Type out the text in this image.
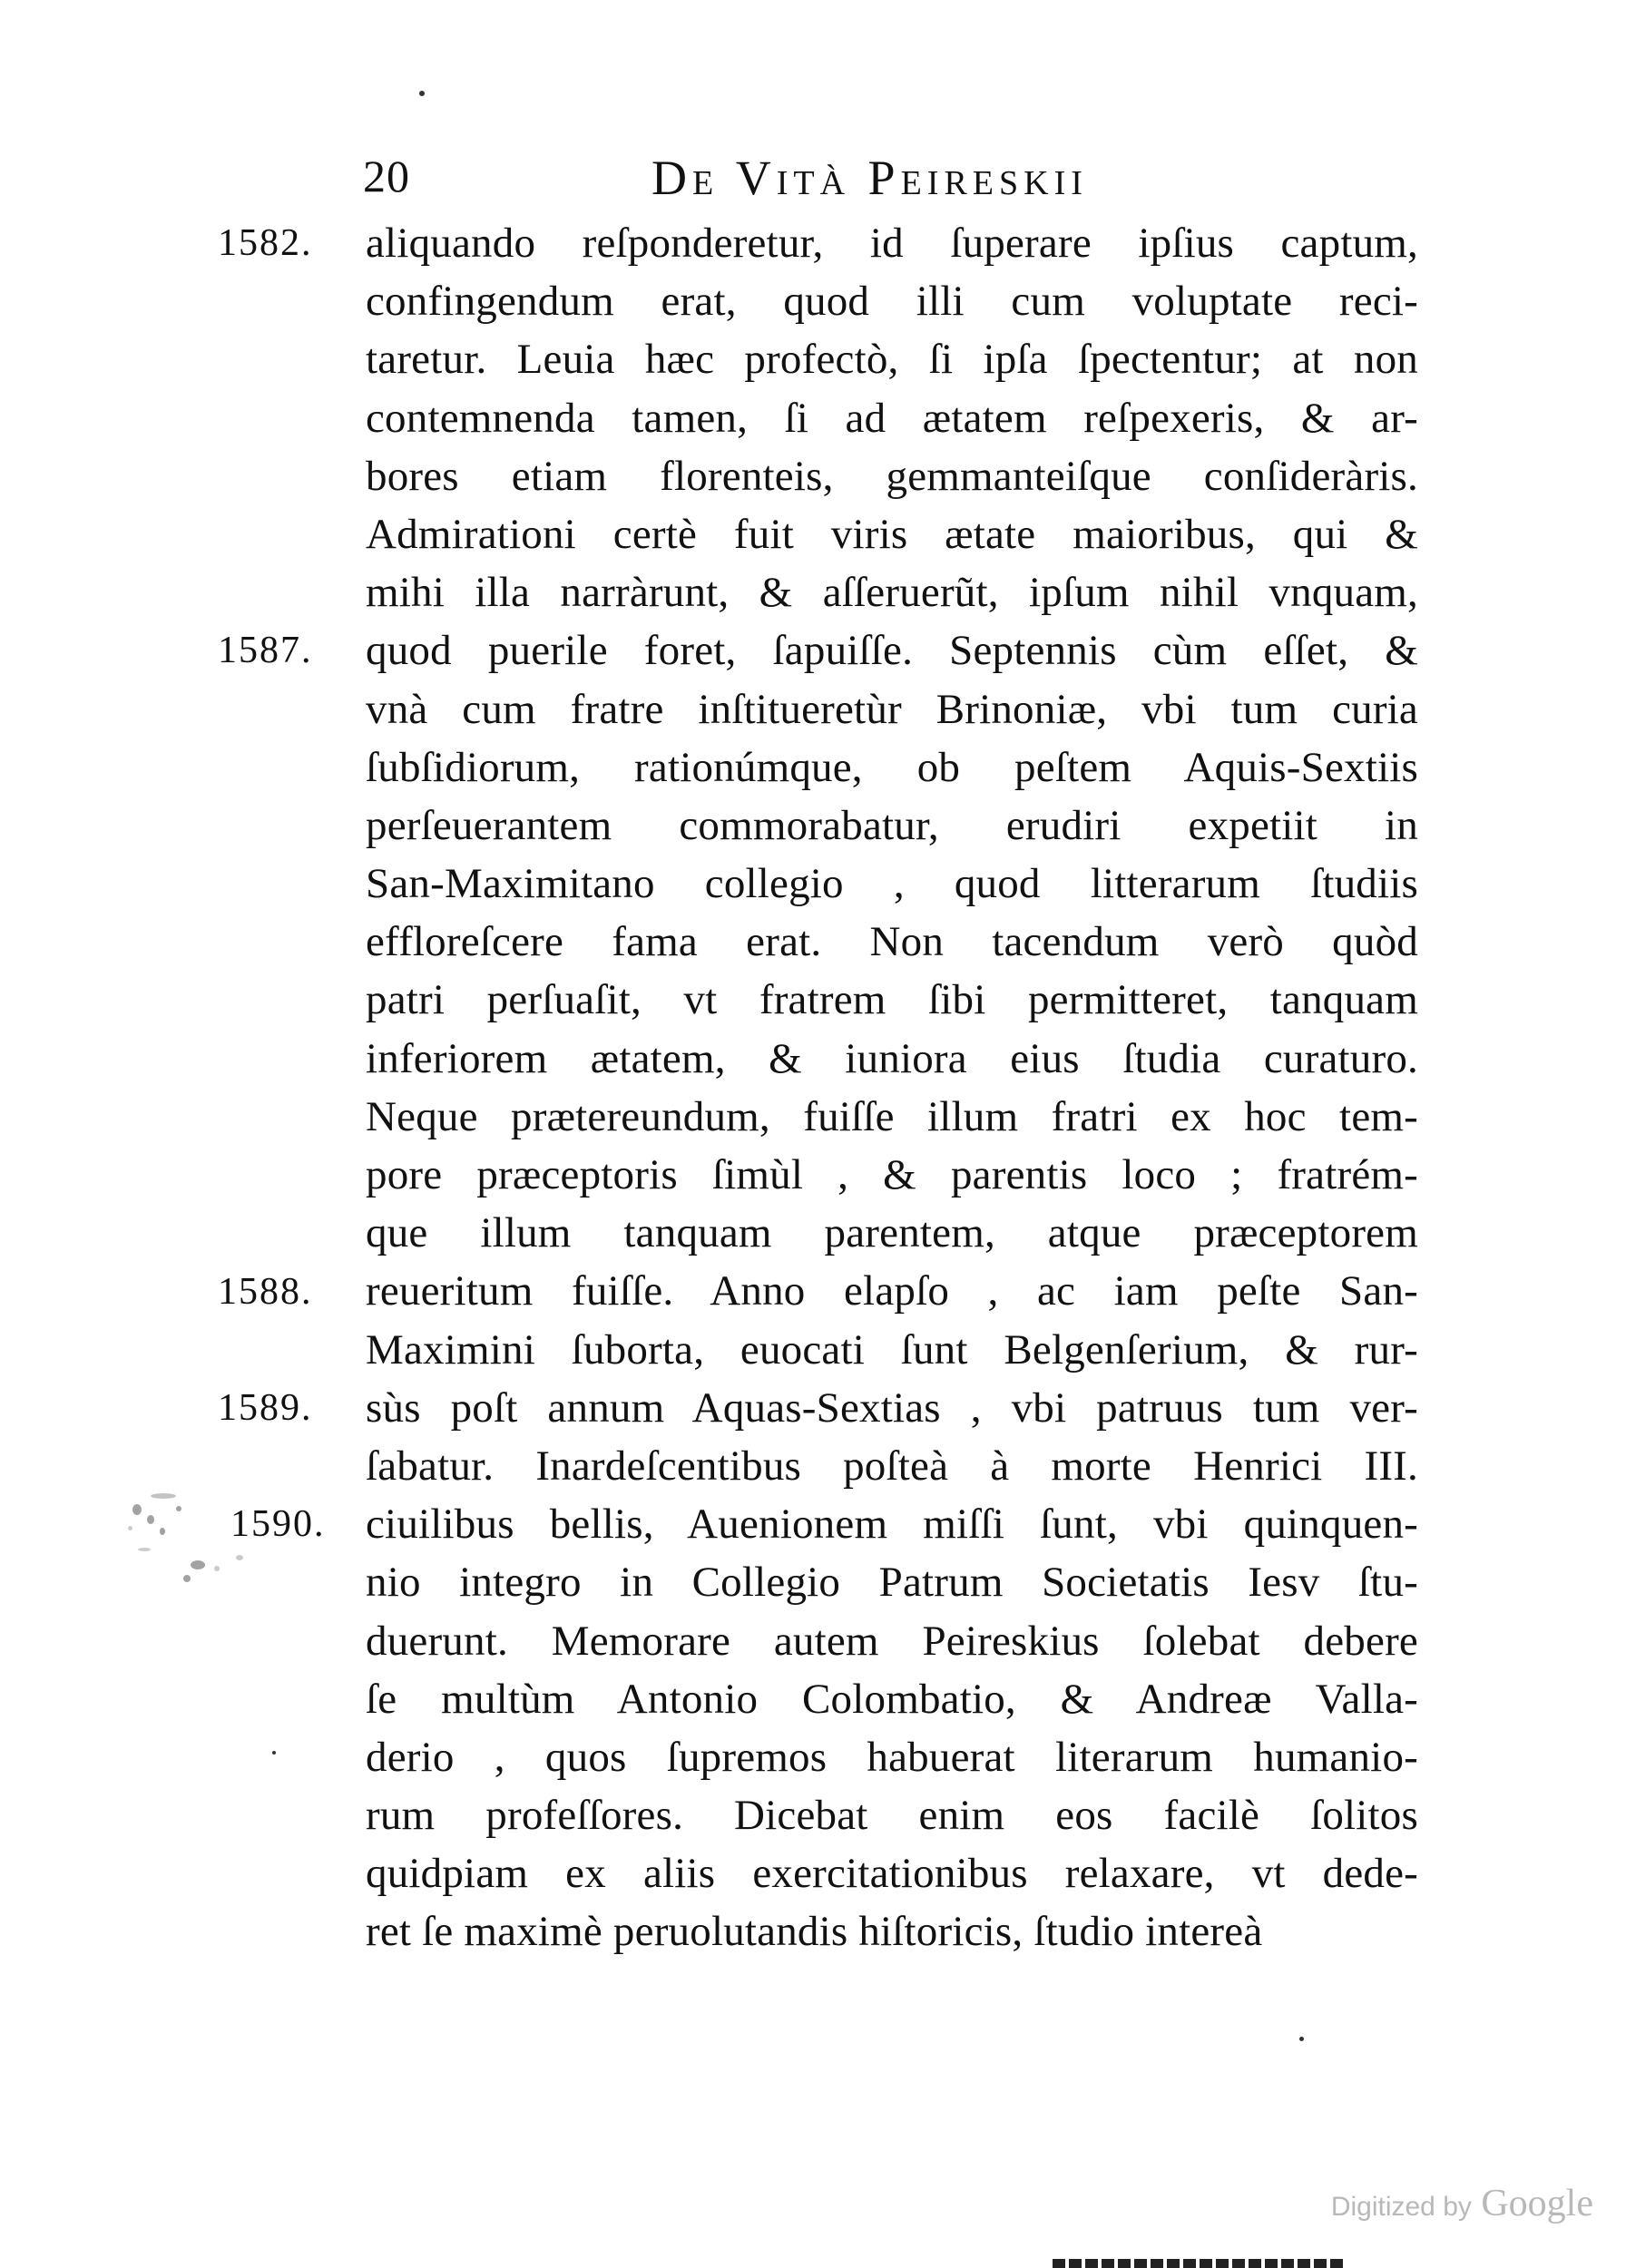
20	De Vità Peireskii
1582.
1587.
1588.
1589.
1590.
aliquando reſponderetur, id ſuperare ipſius captum,
confingendum erat, quod illi cum voluptate reci-
taretur. Leuia hæc profectò, ſi ipſa ſpectentur; at non
contemnenda tamen, ſi ad ætatem reſpexeris, & ar-
bores etiam florenteis, gemmanteiſque conſideràris.
Admirationi certè fuit viris ætate maioribus, qui &
mihi illa narràrunt, & aſſeruerũt, ipſum nihil vnquam,
quod puerile foret, ſapuiſſe. Septennis cùm eſſet, &
vnà cum fratre inſtitueretùr Brinoniæ, vbi tum curia
ſubſidiorum, rationúmque, ob peſtem Aquis-Sextiis
perſeuerantem commorabatur, erudiri expetiit in
San-Maximitano collegio , quod litterarum ſtudiis
efflorеſcere fama erat. Non tacendum verò quòd
patri perſuaſit, vt fratrem ſibi permitteret, tanquam
inferiorem ætatem, & iuniora eius ſtudia curaturo.
Neque prætereundum, fuiſſe illum fratri ex hoc tem-
pore præceptoris ſimùl , & parentis loco ; fratrém-
que illum tanquam parentem, atque præceptorem
reueritum fuiſſe. Anno elapſo , ac iam peſte San-
Maximini ſuborta, euocati ſunt Belgenſerium, & rur-
sùs poſt annum Aquas-Sextias , vbi patruus tum ver-
ſabatur. Inardeſcentibus poſteà à morte Henrici III.
ciuilibus bellis, Auenionem miſſi ſunt, vbi quinquen-
nio integro in Collegio Patrum Societatis Iesv ſtu-
duerunt. Memorare autem Peireskius ſolebat debere
ſe multùm Antonio Colombatio, & Andreæ Valla-
derio , quos ſupremos habuerat literarum humanio-
rum profeſſores. Dicebat enim eos facilè ſolitos
quidpiam ex aliis exercitationibus relaxare, vt dede-
ret ſe maximè peruolutandis hiſtoricis, ſtudio intereà
Digitized by Google
